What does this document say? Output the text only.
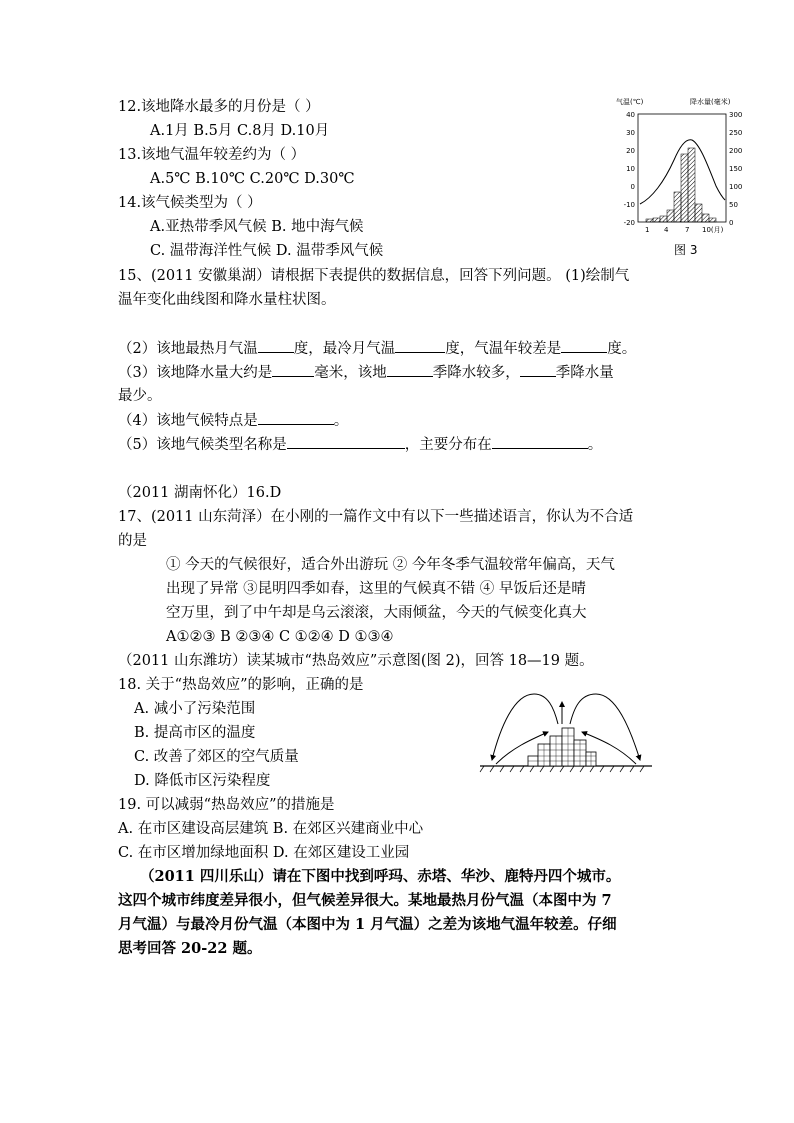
12.该地降水最多的月份是（ ）
A.1月 B.5月 C.8月 D.10月
13.该地气温年较差约为（ ）
A.5℃ B.10℃ C.20℃ D.30℃
14.该气候类型为（ ）
A.亚热带季风气候 B. 地中海气候
C. 温带海洋性气候 D. 温带季风气候
气温(℃)	降水量(毫米)
40
30
20
10
0
-10
-20
300
250
200
150
100
50
0
1 4 7 10(月)
图 3
15、(2011 安徽巢湖）请根据下表提供的数据信息，回答下列问题。 (1)绘制气
温年变化曲线图和降水量柱状图。
（2）该地最热月气温 度，最冷月气温	度，气温年较差是	度。
（3）该地降水量大约是	毫米，该地	季降水较多， 季降水量
最少。
（4）该地气候特点是	。
（5）该地气候类型名称是	，主要分布在	。
（2011 湖南怀化）16.D
17、(2011 山东菏泽）在小刚的一篇作文中有以下一些描述语言，你认为不合适
的是
① 今天的气候很好，适合外出游玩 ② 今年冬季气温较常年偏高，天气
出现了异常 ③昆明四季如春，这里的气候真不错 ④ 早饭后还是晴
空万里，到了中午却是乌云滚滚，大雨倾盆，今天的气候变化真大
A①②③ B ②③④ C ①②④ D ①③④
（2011 山东潍坊）读某城市“热岛效应”示意图(图 2)，回答 18—19 题。
18. 关于“热岛效应”的影响，正确的是
A. 减小了污染范围
B. 提高市区的温度
C. 改善了郊区的空气质量
D. 降低市区污染程度
19. 可以减弱“热岛效应”的措施是
A. 在市区建设高层建筑 B. 在郊区兴建商业中心
C. 在市区增加绿地面积 D. 在郊区建设工业园
（2011 四川乐山）请在下图中找到呼玛、赤塔、华沙、鹿特丹四个城市。
这四个城市纬度差异很小，但气候差异很大。某地最热月份气温（本图中为 7
月气温）与最冷月份气温（本图中为 1 月气温）之差为该地气温年较差。仔细
思考回答 20-22 题。
